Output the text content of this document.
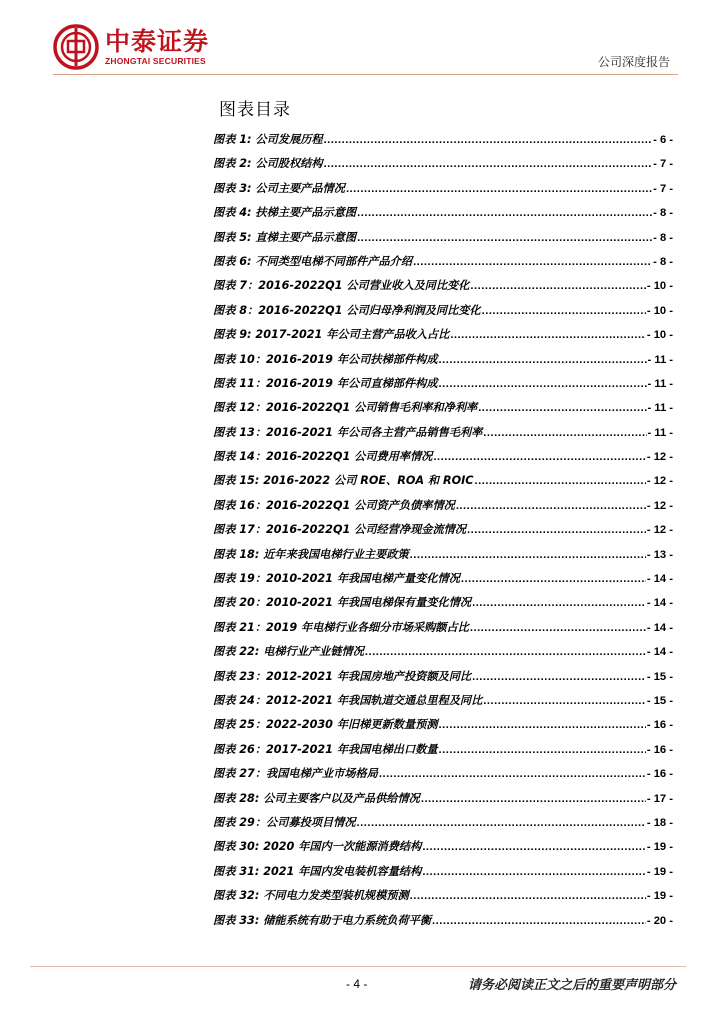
中泰证券
ZHONGTAI SECURITIES	公司深度报告
图表目录
图表 1: 公司发展历程 .....	- 6 -
图表 2: 公司股权结构 .....	- 7 -
图表 3: 公司主要产品情况 .....	- 7 -
图表 4: 扶梯主要产品示意图 .....	- 8 -
图表 5: 直梯主要产品示意图 .....	- 8 -
图表 6: 不同类型电梯不同部件产品介绍 .....	- 8 -
图表 7：2016-2022Q1 公司营业收入及同比变化 .....	- 10 -
图表 8：2016-2022Q1 公司归母净利润及同比变化 .....	- 10 -
图表 9: 2017-2021 年公司主营产品收入占比 .....	- 10 -
图表 10：2016-2019 年公司扶梯部件构成 .....	- 11 -
图表 11：2016-2019 年公司直梯部件构成 .....	- 11 -
图表 12：2016-2022Q1 公司销售毛利率和净利率 .....	- 11 -
图表 13：2016-2021 年公司各主营产品销售毛利率 .....	- 11 -
图表 14：2016-2022Q1 公司费用率情况 .....	- 12 -
图表 15: 2016-2022 公司 ROE、ROA 和 ROIC .....	- 12 -
图表 16：2016-2022Q1 公司资产负债率情况 .....	- 12 -
图表 17：2016-2022Q1 公司经营净现金流情况 .....	- 12 -
图表 18: 近年来我国电梯行业主要政策 .....	- 13 -
图表 19：2010-2021 年我国电梯产量变化情况 .....	- 14 -
图表 20：2010-2021 年我国电梯保有量变化情况 .....	- 14 -
图表 21：2019 年电梯行业各细分市场采购额占比 .....	- 14 -
图表 22: 电梯行业产业链情况 .....	- 14 -
图表 23：2012-2021 年我国房地产投资额及同比 .....	- 15 -
图表 24：2012-2021 年我国轨道交通总里程及同比 .....	- 15 -
图表 25：2022-2030 年旧梯更新数量预测 .....	- 16 -
图表 26：2017-2021 年我国电梯出口数量 .....	- 16 -
图表 27：我国电梯产业市场格局 .....	- 16 -
图表 28: 公司主要客户以及产品供给情况 .....	- 17 -
图表 29：公司募投项目情况 .....	- 18 -
图表 30: 2020 年国内一次能源消费结构 .....	- 19 -
图表 31: 2021 年国内发电装机容量结构 .....	- 19 -
图表 32: 不同电力发类型装机规模预测 .....	- 19 -
图表 33: 储能系统有助于电力系统负荷平衡 .....	- 20 -
- 4 -	请务必阅读正文之后的重要声明部分
